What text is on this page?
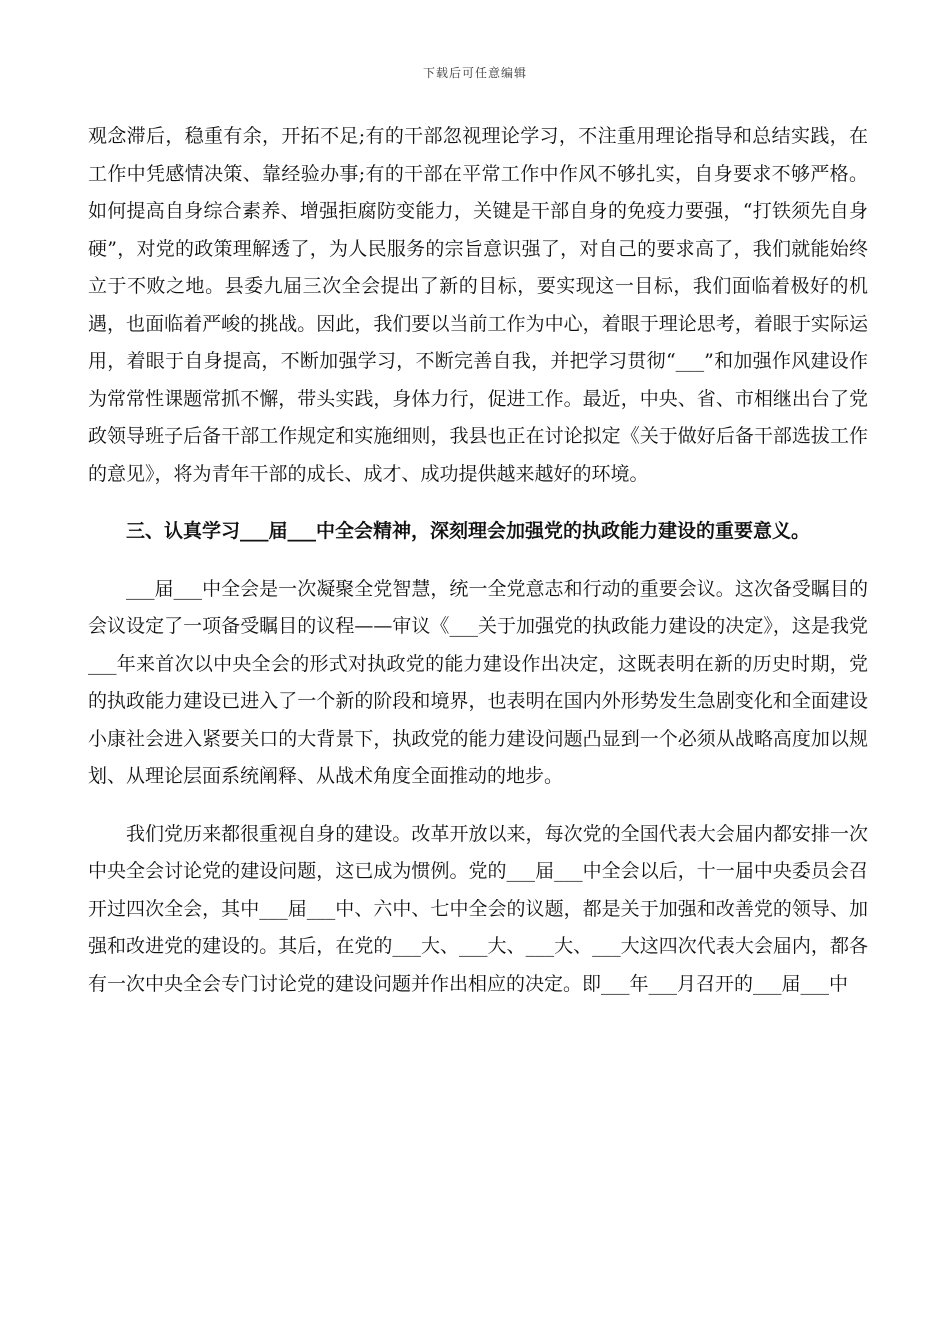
下载后可任意编辑

观念滞后，稳重有余，开拓不足;有的干部忽视理论学习，不注重用理论指导和总结实践，在工作中凭感情决策、靠经验办事;有的干部在平常工作中作风不够扎实，自身要求不够严格。如何提高自身综合素养、增强拒腐防变能力，关键是干部自身的免疫力要强，“打铁须先自身硬”，对党的政策理解透了，为人民服务的宗旨意识强了，对自己的要求高了，我们就能始终立于不败之地。县委九届三次全会提出了新的目标，要实现这一目标，我们面临着极好的机遇，也面临着严峻的挑战。因此，我们要以当前工作为中心，着眼于理论思考，着眼于实际运用，着眼于自身提高，不断加强学习，不断完善自我，并把学习贯彻“___”和加强作风建设作为常常性课题常抓不懈，带头实践，身体力行，促进工作。最近，中央、省、市相继出台了党政领导班子后备干部工作规定和实施细则，我县也正在讨论拟定《关于做好后备干部选拔工作的意见》，将为青年干部的成长、成才、成功提供越来越好的环境。

三、认真学习___届___中全会精神，深刻理会加强党的执政能力建设的重要意义。

___届___中全会是一次凝聚全党智慧，统一全党意志和行动的重要会议。这次备受瞩目的会议设定了一项备受瞩目的议程——审议《___关于加强党的执政能力建设的决定》，这是我党___年来首次以中央全会的形式对执政党的能力建设作出决定，这既表明在新的历史时期，党的执政能力建设已进入了一个新的阶段和境界，也表明在国内外形势发生急剧变化和全面建设小康社会进入紧要关口的大背景下，执政党的能力建设问题凸显到一个必须从战略高度加以规划、从理论层面系统阐释、从战术角度全面推动的地步。

我们党历来都很重视自身的建设。改革开放以来，每次党的全国代表大会届内都安排一次中央全会讨论党的建设问题，这已成为惯例。党的___届___中全会以后，十一届中央委员会召开过四次全会，其中___届___中、六中、七中全会的议题，都是关于加强和改善党的领导、加强和改进党的建设的。其后，在党的___大、___大、___大、___大这四次代表大会届内，都各有一次中央全会专门讨论党的建设问题并作出相应的决定。即___年___月召开的___届___中
